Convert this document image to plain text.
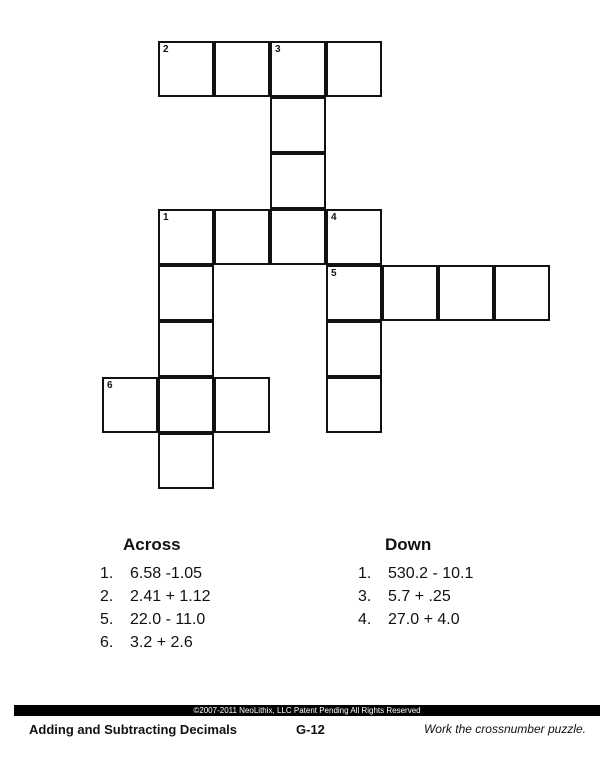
2	3
1	4
5
6
Across
1. 6.58 -1.05
2. 2.41 + 1.12
5. 22.0 - 11.0
6. 3.2 + 2.6
Down
1. 530.2 - 10.1
3. 5.7 + .25
4. 27.0 + 4.0
©2007-2011 NeoLithix, LLC Patent Pending All Rights Reserved
Adding and Subtracting Decimals	G-12	Work the crossnumber puzzle.
